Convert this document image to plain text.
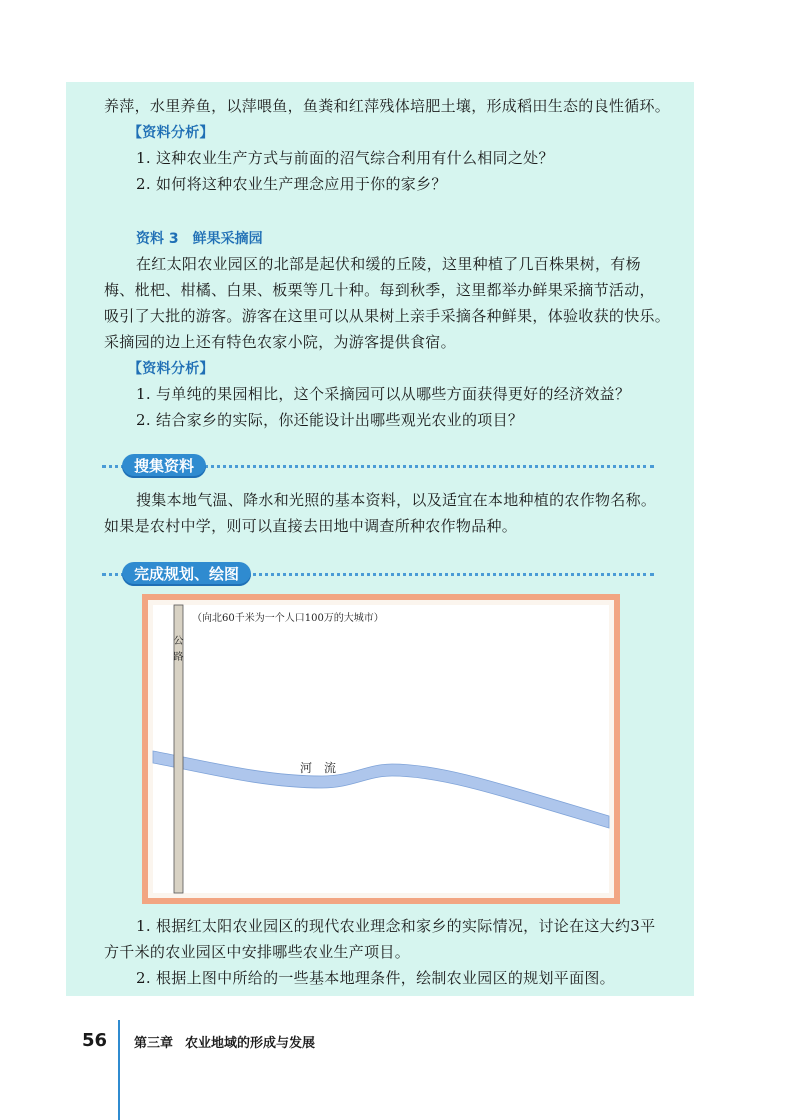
养萍，水里养鱼，以萍喂鱼，鱼粪和红萍残体培肥土壤，形成稻田生态的良性循环。
【资料分析】
1. 这种农业生产方式与前面的沼气综合利用有什么相同之处？
2. 如何将这种农业生产理念应用于你的家乡？
资料 3 鲜果采摘园
在红太阳农业园区的北部是起伏和缓的丘陵，这里种植了几百株果树，有杨
梅、枇杷、柑橘、白果、板栗等几十种。每到秋季，这里都举办鲜果采摘节活动，
吸引了大批的游客。游客在这里可以从果树上亲手采摘各种鲜果，体验收获的快乐。
采摘园的边上还有特色农家小院，为游客提供食宿。
【资料分析】
1. 与单纯的果园相比，这个采摘园可以从哪些方面获得更好的经济效益？
2. 结合家乡的实际，你还能设计出哪些观光农业的项目？
搜集资料
搜集本地气温、降水和光照的基本资料，以及适宜在本地种植的农作物名称。
如果是农村中学，则可以直接去田地中调查所种农作物品种。
完成规划、绘图
公
路
（向北60千米为一个人口100万的大城市）
河　流
1. 根据红太阳农业园区的现代农业理念和家乡的实际情况，讨论在这大约3平
方千米的农业园区中安排哪些农业生产项目。
2. 根据上图中所给的一些基本地理条件，绘制农业园区的规划平面图。
56 第三章 农业地域的形成与发展
